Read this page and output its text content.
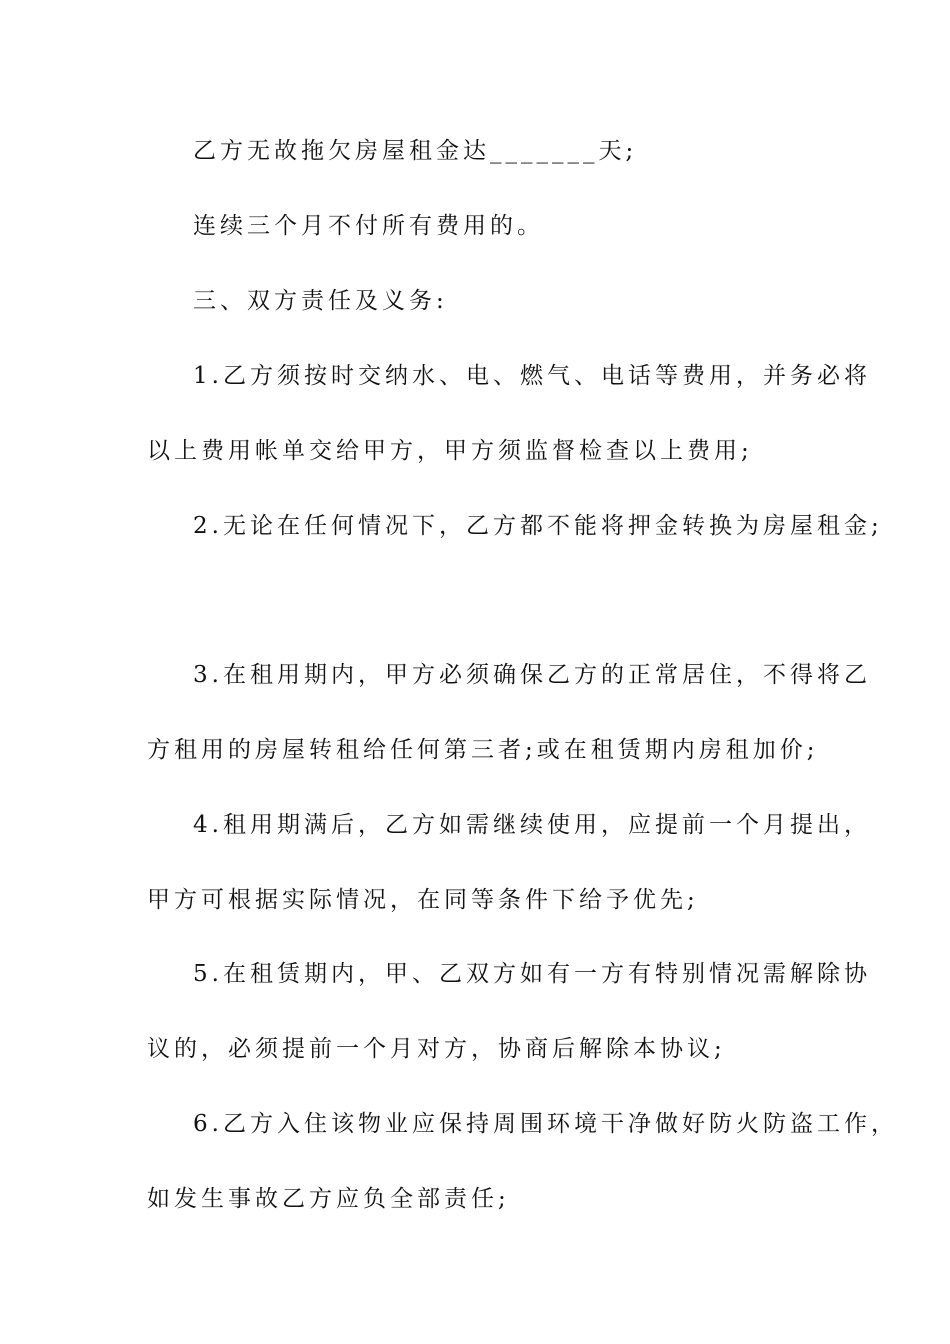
乙方无故拖欠房屋租金达_______天;
连续三个月不付所有费用的。
三、双方责任及义务:
1.乙方须按时交纳水、电、燃气、电话等费用，并务必将
以上费用帐单交给甲方，甲方须监督检查以上费用;
2.无论在任何情况下，乙方都不能将押金转换为房屋租金;
3.在租用期内，甲方必须确保乙方的正常居住，不得将乙
方租用的房屋转租给任何第三者;或在租赁期内房租加价;
4.租用期满后，乙方如需继续使用，应提前一个月提出，
甲方可根据实际情况，在同等条件下给予优先;
5.在租赁期内，甲、乙双方如有一方有特别情况需解除协
议的，必须提前一个月对方，协商后解除本协议;
6.乙方入住该物业应保持周围环境干净做好防火防盗工作，
如发生事故乙方应负全部责任;
